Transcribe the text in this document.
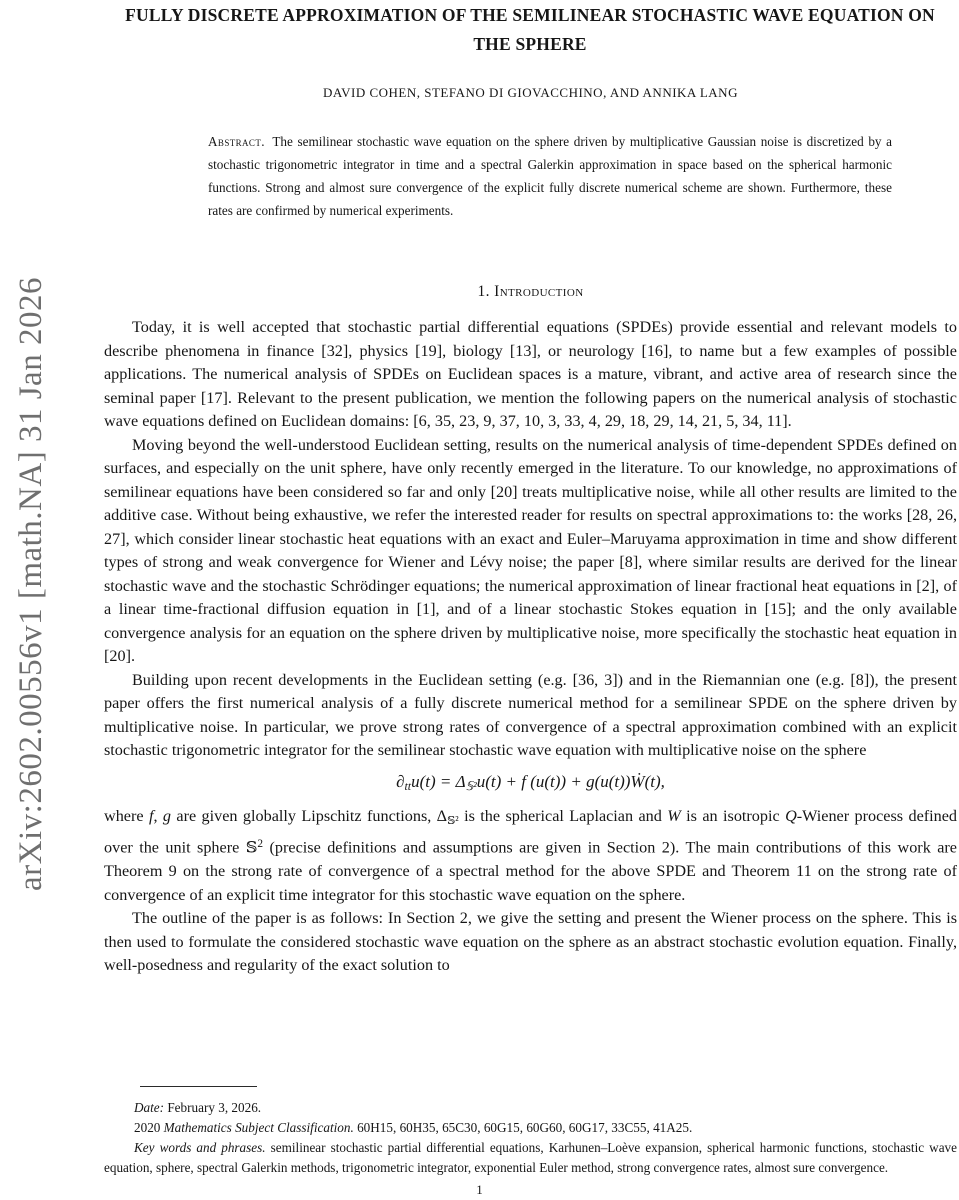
arXiv:2602.00556v1 [math.NA] 31 Jan 2026
FULLY DISCRETE APPROXIMATION OF THE SEMILINEAR STOCHASTIC WAVE EQUATION ON THE SPHERE
DAVID COHEN, STEFANO DI GIOVACCHINO, AND ANNIKA LANG
Abstract. The semilinear stochastic wave equation on the sphere driven by multiplicative Gaussian noise is discretized by a stochastic trigonometric integrator in time and a spectral Galerkin approximation in space based on the spherical harmonic functions. Strong and almost sure convergence of the explicit fully discrete numerical scheme are shown. Furthermore, these rates are confirmed by numerical experiments.
1. Introduction

Today, it is well accepted that stochastic partial differential equations (SPDEs) provide essential and relevant models to describe phenomena in finance [32], physics [19], biology [13], or neurology [16], to name but a few examples of possible applications. The numerical analysis of SPDEs on Euclidean spaces is a mature, vibrant, and active area of research since the seminal paper [17]. Relevant to the present publication, we mention the following papers on the numerical analysis of stochastic wave equations defined on Euclidean domains: [6, 35, 23, 9, 37, 10, 3, 33, 4, 29, 18, 29, 14, 21, 5, 34, 11].

Moving beyond the well-understood Euclidean setting, results on the numerical analysis of time-dependent SPDEs defined on surfaces, and especially on the unit sphere, have only recently emerged in the literature. To our knowledge, no approximations of semilinear equations have been considered so far and only [20] treats multiplicative noise, while all other results are limited to the additive case. Without being exhaustive, we refer the interested reader for results on spectral approximations to: the works [28, 26, 27], which consider linear stochastic heat equations with an exact and Euler–Maruyama approximation in time and show different types of strong and weak convergence for Wiener and Lévy noise; the paper [8], where similar results are derived for the linear stochastic wave and the stochastic Schrödinger equations; the numerical approximation of linear fractional heat equations in [2], of a linear time-fractional diffusion equation in [1], and of a linear stochastic Stokes equation in [15]; and the only available convergence analysis for an equation on the sphere driven by multiplicative noise, more specifically the stochastic heat equation in [20].

Building upon recent developments in the Euclidean setting (e.g. [36, 3]) and in the Riemannian one (e.g. [8]), the present paper offers the first numerical analysis of a fully discrete numerical method for a semilinear SPDE on the sphere driven by multiplicative noise. In particular, we prove strong rates of convergence of a spectral approximation combined with an explicit stochastic trigonometric integrator for the semilinear stochastic wave equation with multiplicative noise on the sphere

$\partial_{tt}u(t) = \Delta_{𝕊^2}u(t) + f$ (u(t)) + g(u(t))Ẇ(t),

where f, g are given globally Lipschitz functions, $\Delta_{𝕊^2}$ is the spherical Laplacian and W is an isotropic Q-Wiener process defined over the unit sphere 𝕊$^2$ (precise definitions and assumptions are given in Section 2). The main contributions of this work are Theorem 9 on the strong rate of convergence of a spectral method for the above SPDE and Theorem 11 on the strong rate of convergence of an explicit time integrator for this stochastic wave equation on the sphere.

The outline of the paper is as follows: In Section 2, we give the setting and present the Wiener process on the sphere. This is then used to formulate the considered stochastic wave equation on the sphere as an abstract stochastic evolution equation. Finally, well-posedness and regularity of the exact solution to

Date: February 3, 2026.

2020 Mathematics Subject Classification. 60H15, 60H35, 65C30, 60G15, 60G60, 60G17, 33C55, 41A25.

Key words and phrases. semilinear stochastic partial differential equations, Karhunen–Loève expansion, spherical harmonic functions, stochastic wave equation, sphere, spectral Galerkin methods, trigonometric integrator, exponential Euler method, strong convergence rates, almost sure convergence.

1
